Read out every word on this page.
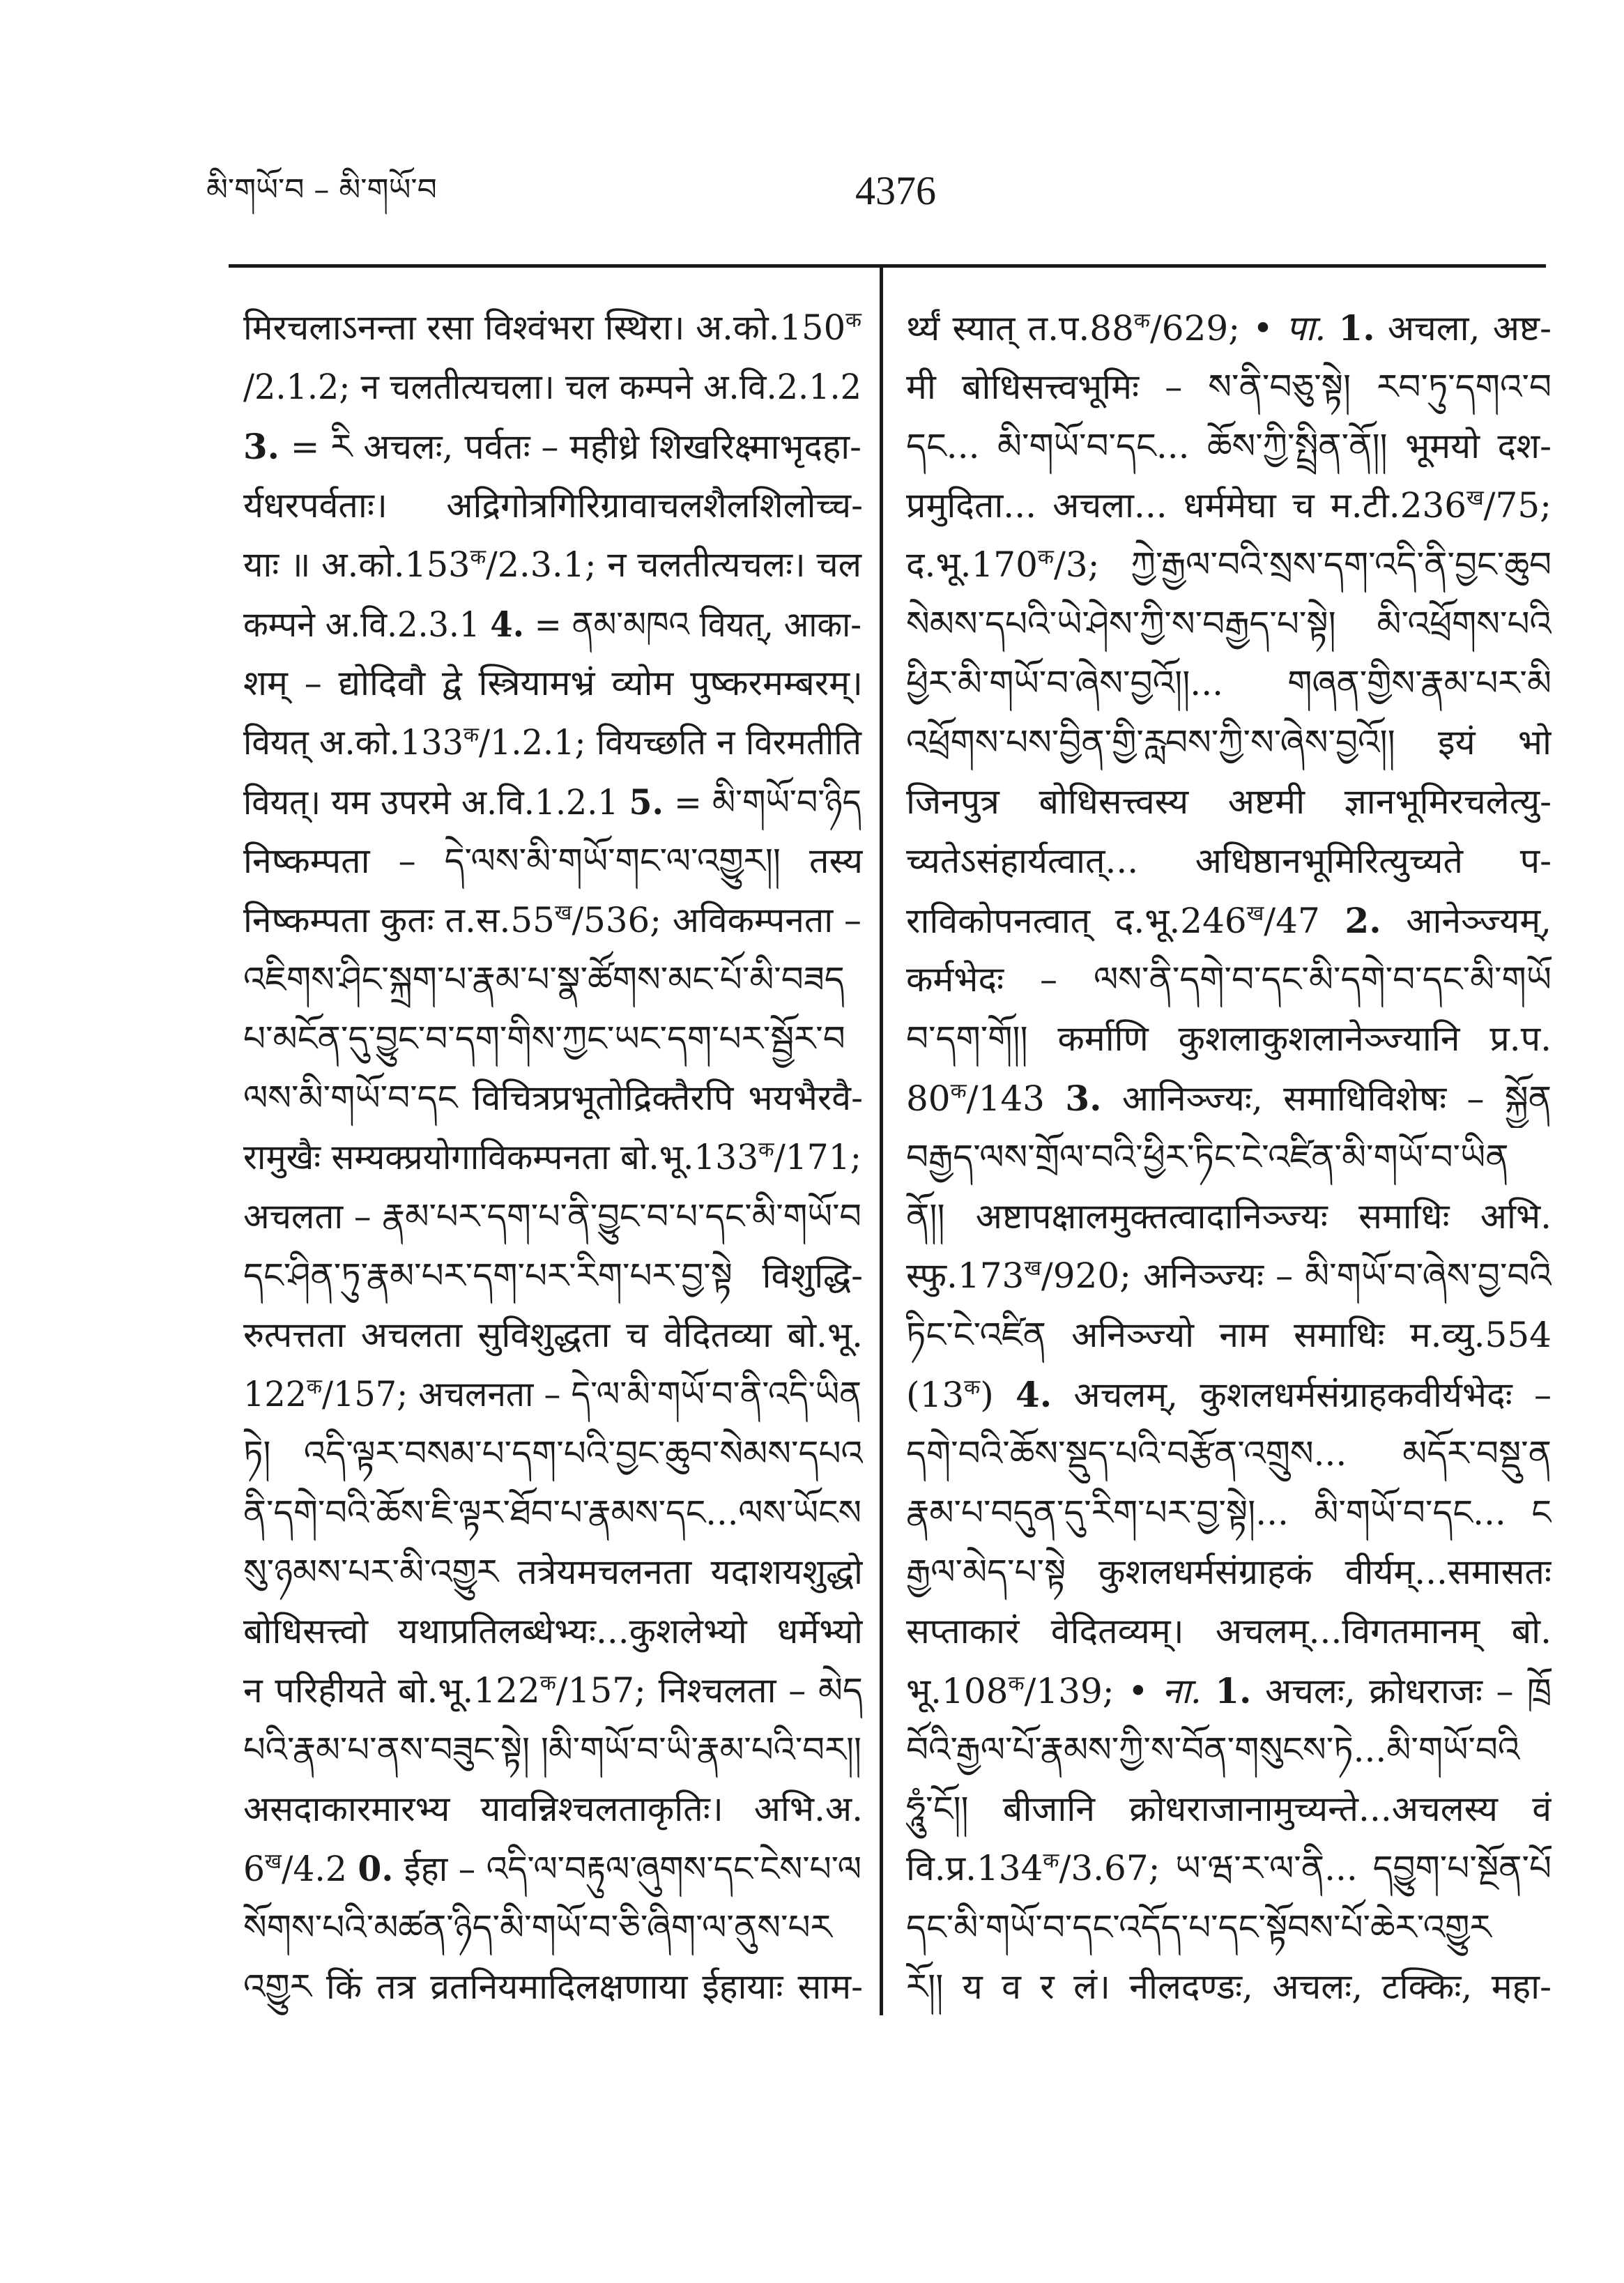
མི་གཡོ་བ – མི་གཡོ་བ	4376
मिरचलाऽनन्ता रसा विश्वंभरा स्थिरा। $अ.को.150^क$
/2.1.2; न चलतीत्यचला। चल कम्पने अ.वि.2.1.2
3. = རི अचलः, पर्वतः – महीध्रे शिखरिक्ष्माभृदहा-
र्यधरपर्वताः। अद्रिगोत्रगिरिग्रावाचलशैलशिलोच्च-
याः ॥ $अ.को.153^क/2.3.1$; न चलतीत्यचलः। चल
कम्पने अ.वि.2.3.1 4. = ནམ་མཁའ वियत्, आका-
शम् – द्योदिवौ द्वे स्त्रियामभ्रं व्योम पुष्करमम्बरम्।
वियत् $अ.को.133^क/1.2.1$; वियच्छति न विरमतीति
वियत्। यम उपरमे अ.वि.1.2.1 5. = མི་གཡོ་བ་ཉིད
निष्कम्पता – དེ་ལས་མི་གཡོ་གང་ལ་འགྱུར།། तस्य
निष्कम्पता कुतः $त.स.55^ख/536$; अविकम्पनता –
འཇིགས་ཤིང་སྐྲག་པ་རྣམ་པ་སྣ་ཚོགས་མང་པོ་མི་བཟད
པ་མངོན་དུ་བྱུང་བ་དག་གིས་ཀྱང་ཡང་དག་པར་སྦྱོར་བ
ལས་མི་གཡོ་བ་དང विचित्रप्रभूतोद्रिक्तैरपि भयभैरवै-
रामुखैः सम्यक्प्रयोगाविकम्पनता $बो.भू.133^क/171$;
अचलता – རྣམ་པར་དག་པ་ནི་བྱུང་བ་པ་དང་མི་གཡོ་བ
དང་ཤིན་ཏུ་རྣམ་པར་དག་པར་རིག་པར་བྱ་སྟེ विशुद्धि-
रुत्पत्तता अचलता सुविशुद्धता च वेदितव्या बो.भू.
$122^क/157$; अचलनता – དེ་ལ་མི་གཡོ་བ་ནི་འདི་ཡིན
ཏེ། འདི་ལྟར་བསམ་པ་དག་པའི་བྱང་ཆུབ་སེམས་དཔའ
ནི་དགེ་བའི་ཆོས་ཇི་ལྟར་ཐོབ་པ་རྣམས་དང...ལས་ཡོངས
སུ་ཉམས་པར་མི་འགྱུར तत्रेयमचलनता यदाशयशुद्धो
बोधिसत्त्वो यथाप्रतिलब्धेभ्यः...कुशलेभ्यो धर्मेभ्यो
न परिहीयते $बो.भू.122^क/157$; निश्चलता – མེད
པའི་རྣམ་པ་ནས་བཟུང་སྟེ། །མི་གཡོ་བ་ཡི་རྣམ་པའི་བར།།
असदाकारमारभ्य यावन्निश्चलताकृतिः। अभि.अ.
$6^ख/4.2$ 0. ईहा – འདི་ལ་བརྟུལ་ཞུགས་དང་ངེས་པ་ལ
སོགས་པའི་མཚན་ཉིད་མི་གཡོ་བ་ཅི་ཞིག་ལ་ནུས་པར
འགྱུར किं तत्र व्रतनियमादिलक्षणाया ईहायाः साम-
र्थ्यं स्यात् $त.प.88^क/629$; • पा. 1. अचला, अष्ट-
मी बोधिसत्त्वभूमिः – ས་ནི་བཅུ་སྟེ། རབ་ཏུ་དགའ་བ
དང... མི་གཡོ་བ་དང... ཆོས་ཀྱི་སྤྲིན་ནོ།། भूमयो दश-
प्रमुदिता... अचला... धर्ममेघा च $म.टी.236^ख/75$;
$द.भू.170^क/3$; ཀྱེ་རྒྱལ་བའི་སྲས་དག་འདི་ནི་བྱང་ཆུབ
སེམས་དཔའི་ཡེ་ཤེས་ཀྱི་ས་བརྒྱད་པ་སྟེ། མི་འཕྲོགས་པའི
ཕྱིར་མི་གཡོ་བ་ཞེས་བྱའོ།།... གཞན་གྱིས་རྣམ་པར་མི
འཕྲོགས་པས་བྱིན་གྱི་རླབས་ཀྱི་ས་ཞེས་བྱའོ།། इयं भो
जिनपुत्र बोधिसत्त्वस्य अष्टमी ज्ञानभूमिरचलेत्यु-
च्यतेऽसंहार्यत्वात्... अधिष्ठानभूमिरित्युच्यते प-
राविकोपनत्वात् $द.भू.246^ख/47$ 2. आनेञ्ज्यम्,
कर्मभेदः – ལས་ནི་དགེ་བ་དང་མི་དགེ་བ་དང་མི་གཡོ
བ་དག་གོ།། कर्माणि कुशलाकुशलानेञ्ज्यानि प्र.प.
$80^क/143$ 3. आनिञ्ज्यः, समाधिविशेषः – སྐྱོན
བརྒྱད་ལས་གྲོལ་བའི་ཕྱིར་ཏིང་ངེ་འཛིན་མི་གཡོ་བ་ཡིན
ནོ།། अष्टापक्षालमुक्तत्वादानिञ्ज्यः समाधिः अभि.
$स्फु.173^ख/920$; अनिञ्ज्यः – མི་གཡོ་བ་ཞེས་བྱ་བའི
ཏིང་ངེ་འཛིན अनिञ्ज्यो नाम समाधिः म.व्यु.554
$(13^क)$ 4. अचलम्, कुशलधर्मसंग्राहकवीर्यभेदः –
དགེ་བའི་ཆོས་སྡུད་པའི་བརྩོན་འགྲུས... མདོར་བསྡུ་ན
རྣམ་པ་བདུན་དུ་རིག་པར་བྱ་སྟེ།... མི་གཡོ་བ་དང... ང
རྒྱལ་མེད་པ་སྟེ कुशलधर्मसंग्राहकं वीर्यम्...समासतः
सप्ताकारं वेदितव्यम्। अचलम्...विगतमानम् बो.
$भू.108^क/139$; • ना. 1. अचलः, क्रोधराजः – ཁྲོ
བོའི་རྒྱལ་པོ་རྣམས་ཀྱི་ས་བོན་གསུངས་ཏེ...མི་གཡོ་བའི
ཧཱུཾ་ངོ།། बीजानि क्रोधराजानामुच्यन्ते...अचलस्य वं
$वि.प्र.134^क/3.67$; ཡ་ཝ་ར་ལ་ནི... དབྱུག་པ་སྔོན་པོ
དང་མི་གཡོ་བ་དང་འདོད་པ་དང་སྟོབས་པོ་ཆེར་འགྱུར
རོ།། य व र लं। नीलदण्डः, अचलः, टक्किः, महा-
